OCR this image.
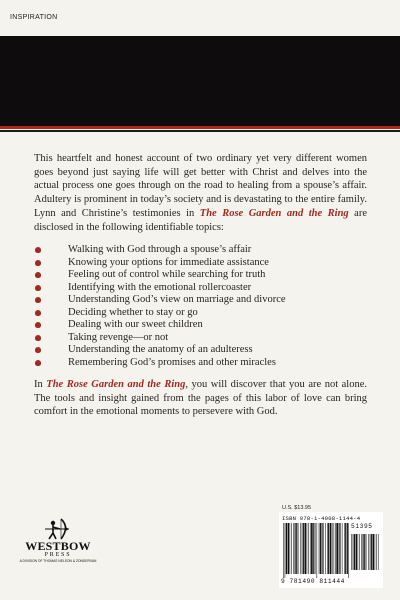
INSPIRATION

This heartfelt and honest account of two ordinary yet very different women goes beyond just saying life will get better with Christ and delves into the actual process one goes through on the road to healing from a spouse’s affair. Adultery is prominent in today’s society and is devastating to the entire family. Lynn and Christine’s testimonies in The Rose Garden and the Ring are disclosed in the following identifiable topics:

Walking with God through a spouse’s affair
Knowing your options for immediate assistance
Feeling out of control while searching for truth
Identifying with the emotional rollercoaster
Understanding God’s view on marriage and divorce
Deciding whether to stay or go
Dealing with our sweet children
Taking revenge—or not
Understanding the anatomy of an adulteress
Remembering God’s promises and other miracles

In The Rose Garden and the Ring, you will discover that you are not alone. The tools and insight gained from the pages of this labor of love can bring comfort in the emotional moments to persevere with God.

WESTBOW
PRESS
A DIVISION OF THOMAS NELSON & ZONDERVAN
U.S. $13.95
ISBN 978-1-4908-1144-4
51395
9 781490 811444
